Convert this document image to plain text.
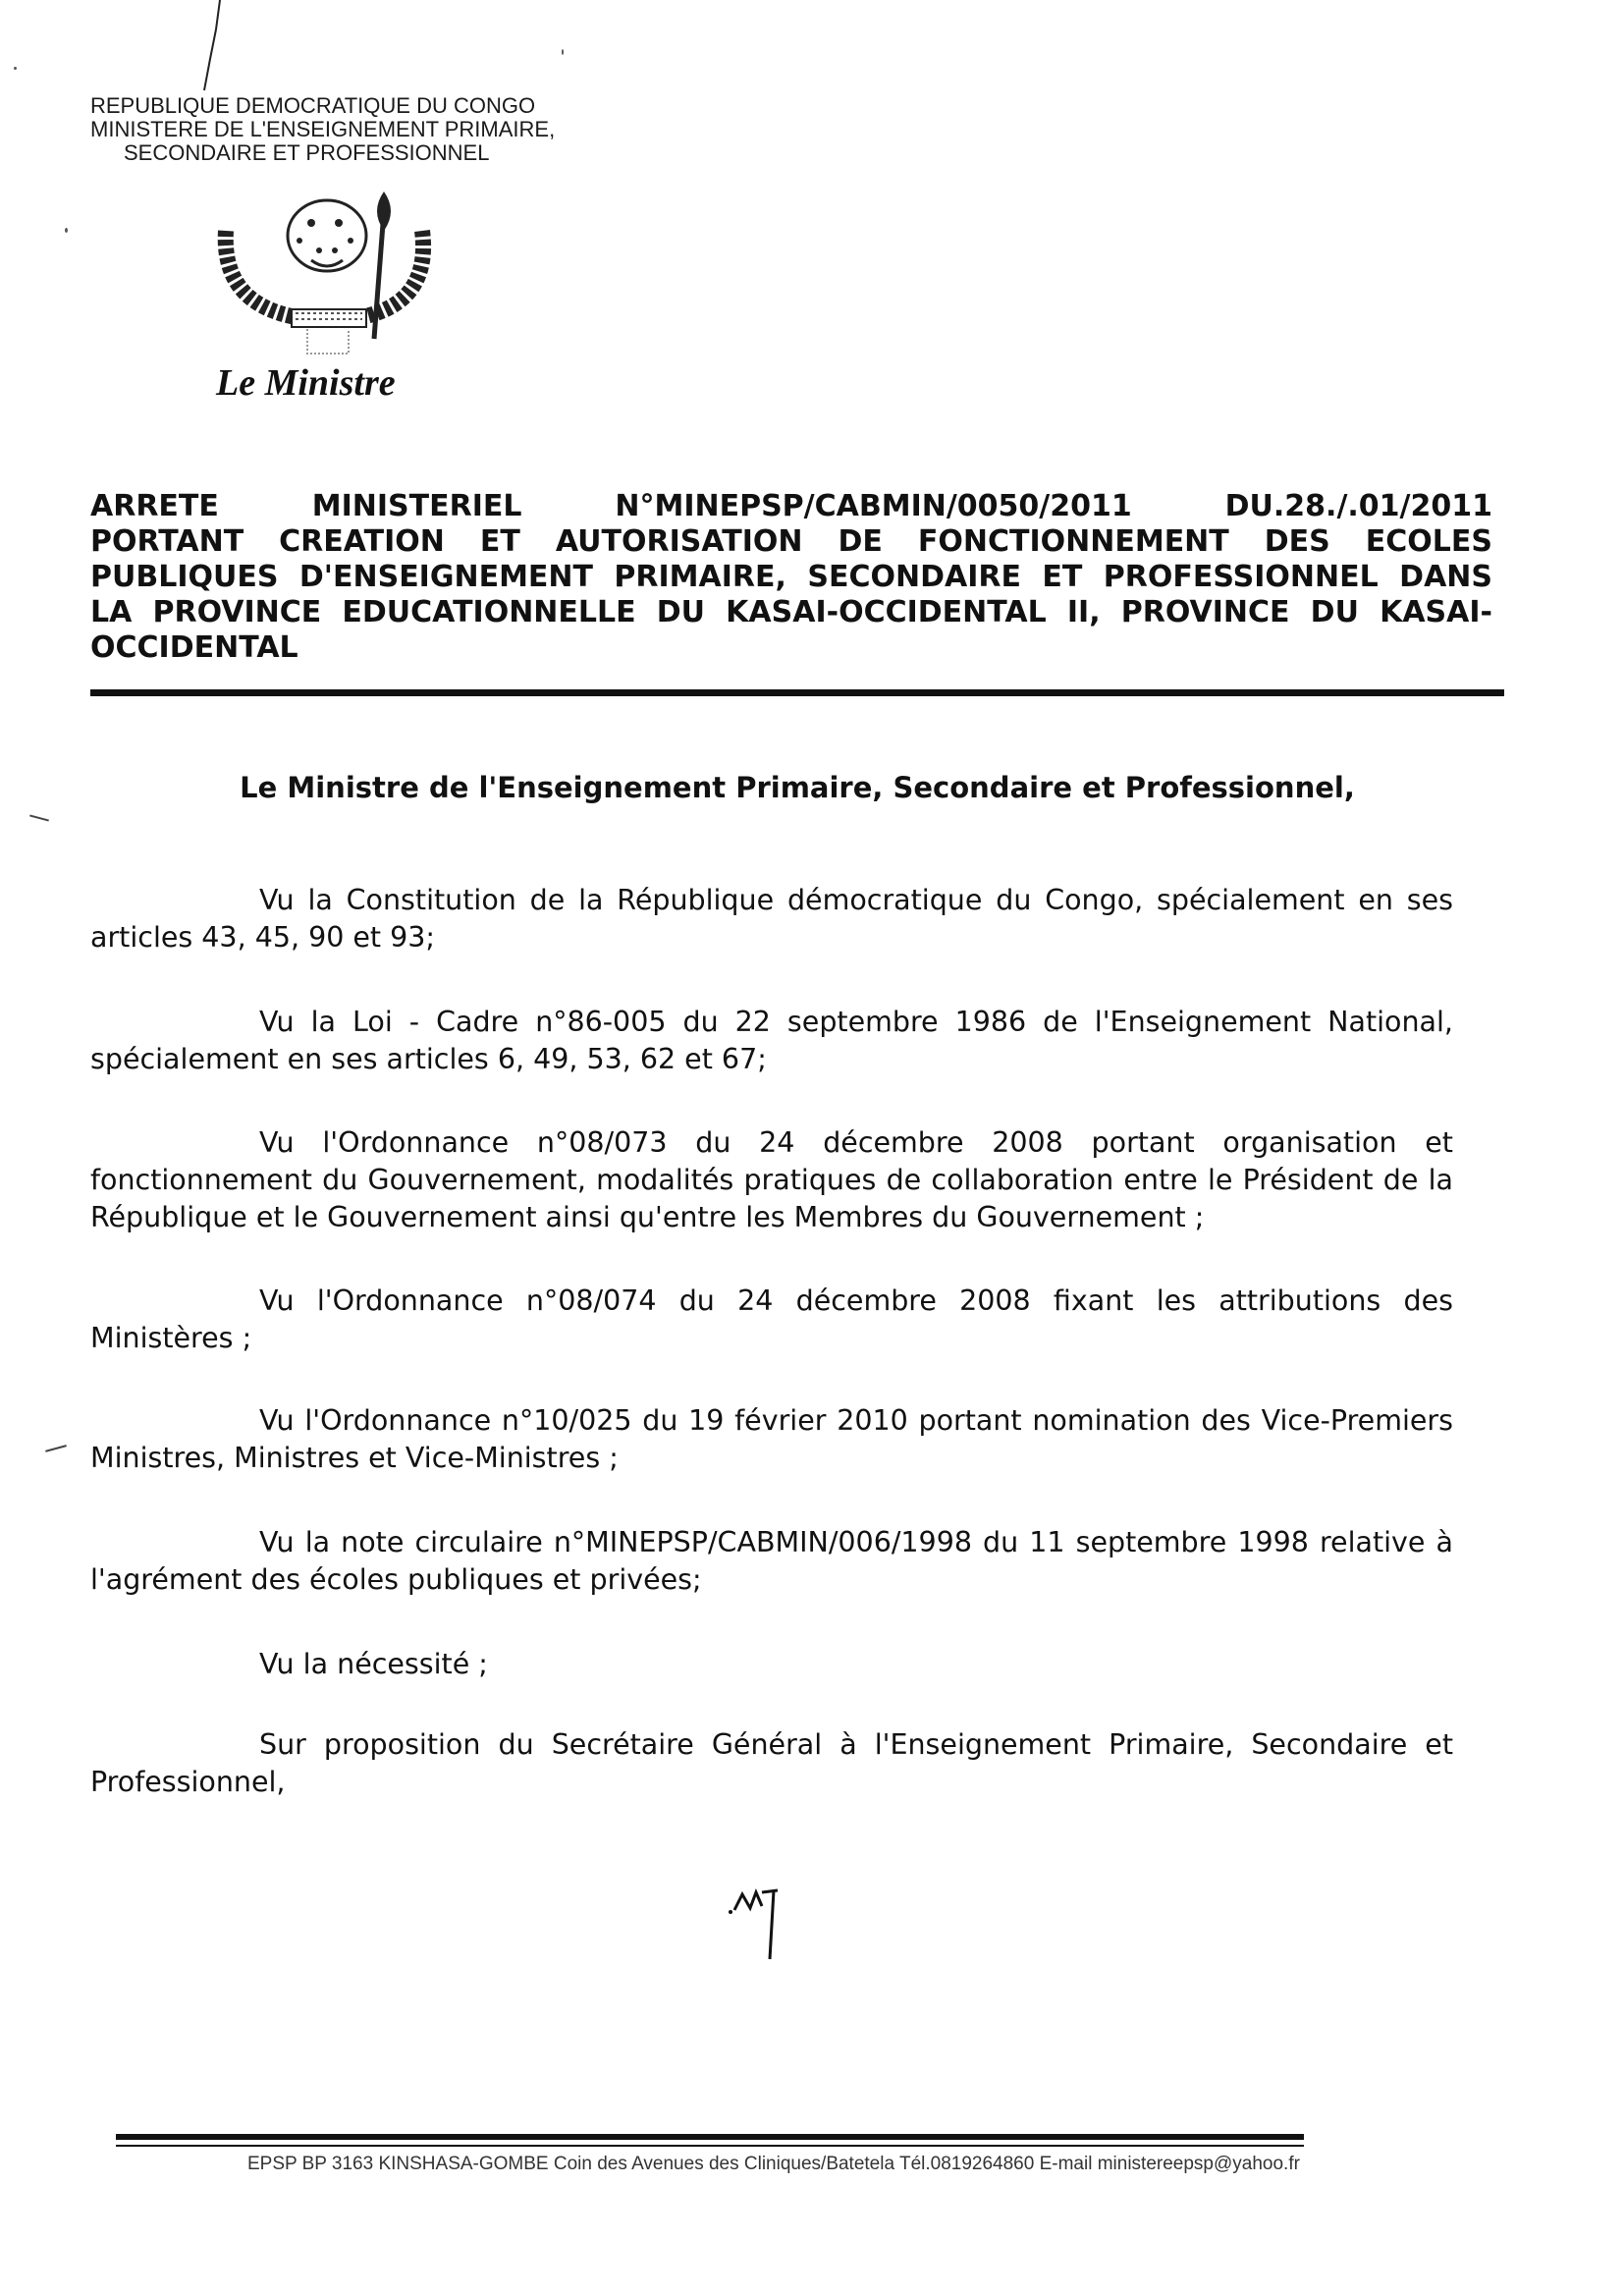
REPUBLIQUE DEMOCRATIQUE DU CONGO
MINISTERE DE L'ENSEIGNEMENT PRIMAIRE,
SECONDAIRE ET PROFESSIONNEL
Le Ministre
ARRETE	MINISTERIEL	N°MINEPSP/CABMIN/0050/2011	DU.28./.01/2011
PORTANT CREATION ET AUTORISATION DE FONCTIONNEMENT DES ECOLES
PUBLIQUES D'ENSEIGNEMENT PRIMAIRE, SECONDAIRE ET PROFESSIONNEL DANS
LA PROVINCE EDUCATIONNELLE DU KASAI-OCCIDENTAL II, PROVINCE DU KASAI-
OCCIDENTAL
Le Ministre de l'Enseignement Primaire, Secondaire et Professionnel,
Vu la Constitution de la République démocratique du Congo, spécialement en ses articles 43, 45, 90 et 93;
Vu la Loi - Cadre n°86-005 du 22 septembre 1986 de l'Enseignement National, spécialement en ses articles 6, 49, 53, 62 et 67;
Vu l'Ordonnance n°08/073 du 24 décembre 2008 portant organisation et fonctionnement du Gouvernement, modalités pratiques de collaboration entre le Président de la République et le Gouvernement ainsi qu'entre les Membres du Gouvernement ;
Vu l'Ordonnance n°08/074 du 24 décembre 2008 fixant les attributions des Ministères ;
Vu l'Ordonnance n°10/025 du 19 février 2010 portant nomination des Vice-Premiers Ministres, Ministres et Vice-Ministres ;
Vu la note circulaire n°MINEPSP/CABMIN/006/1998 du 11 septembre 1998 relative à l'agrément des écoles publiques et privées;
Vu la nécessité ;
Sur proposition du Secrétaire Général à l'Enseignement Primaire, Secondaire et Professionnel,
EPSP BP 3163 KINSHASA-GOMBE Coin des Avenues des Cliniques/Batetela Tél.0819264860 E-mail ministereepsp@yahoo.fr
